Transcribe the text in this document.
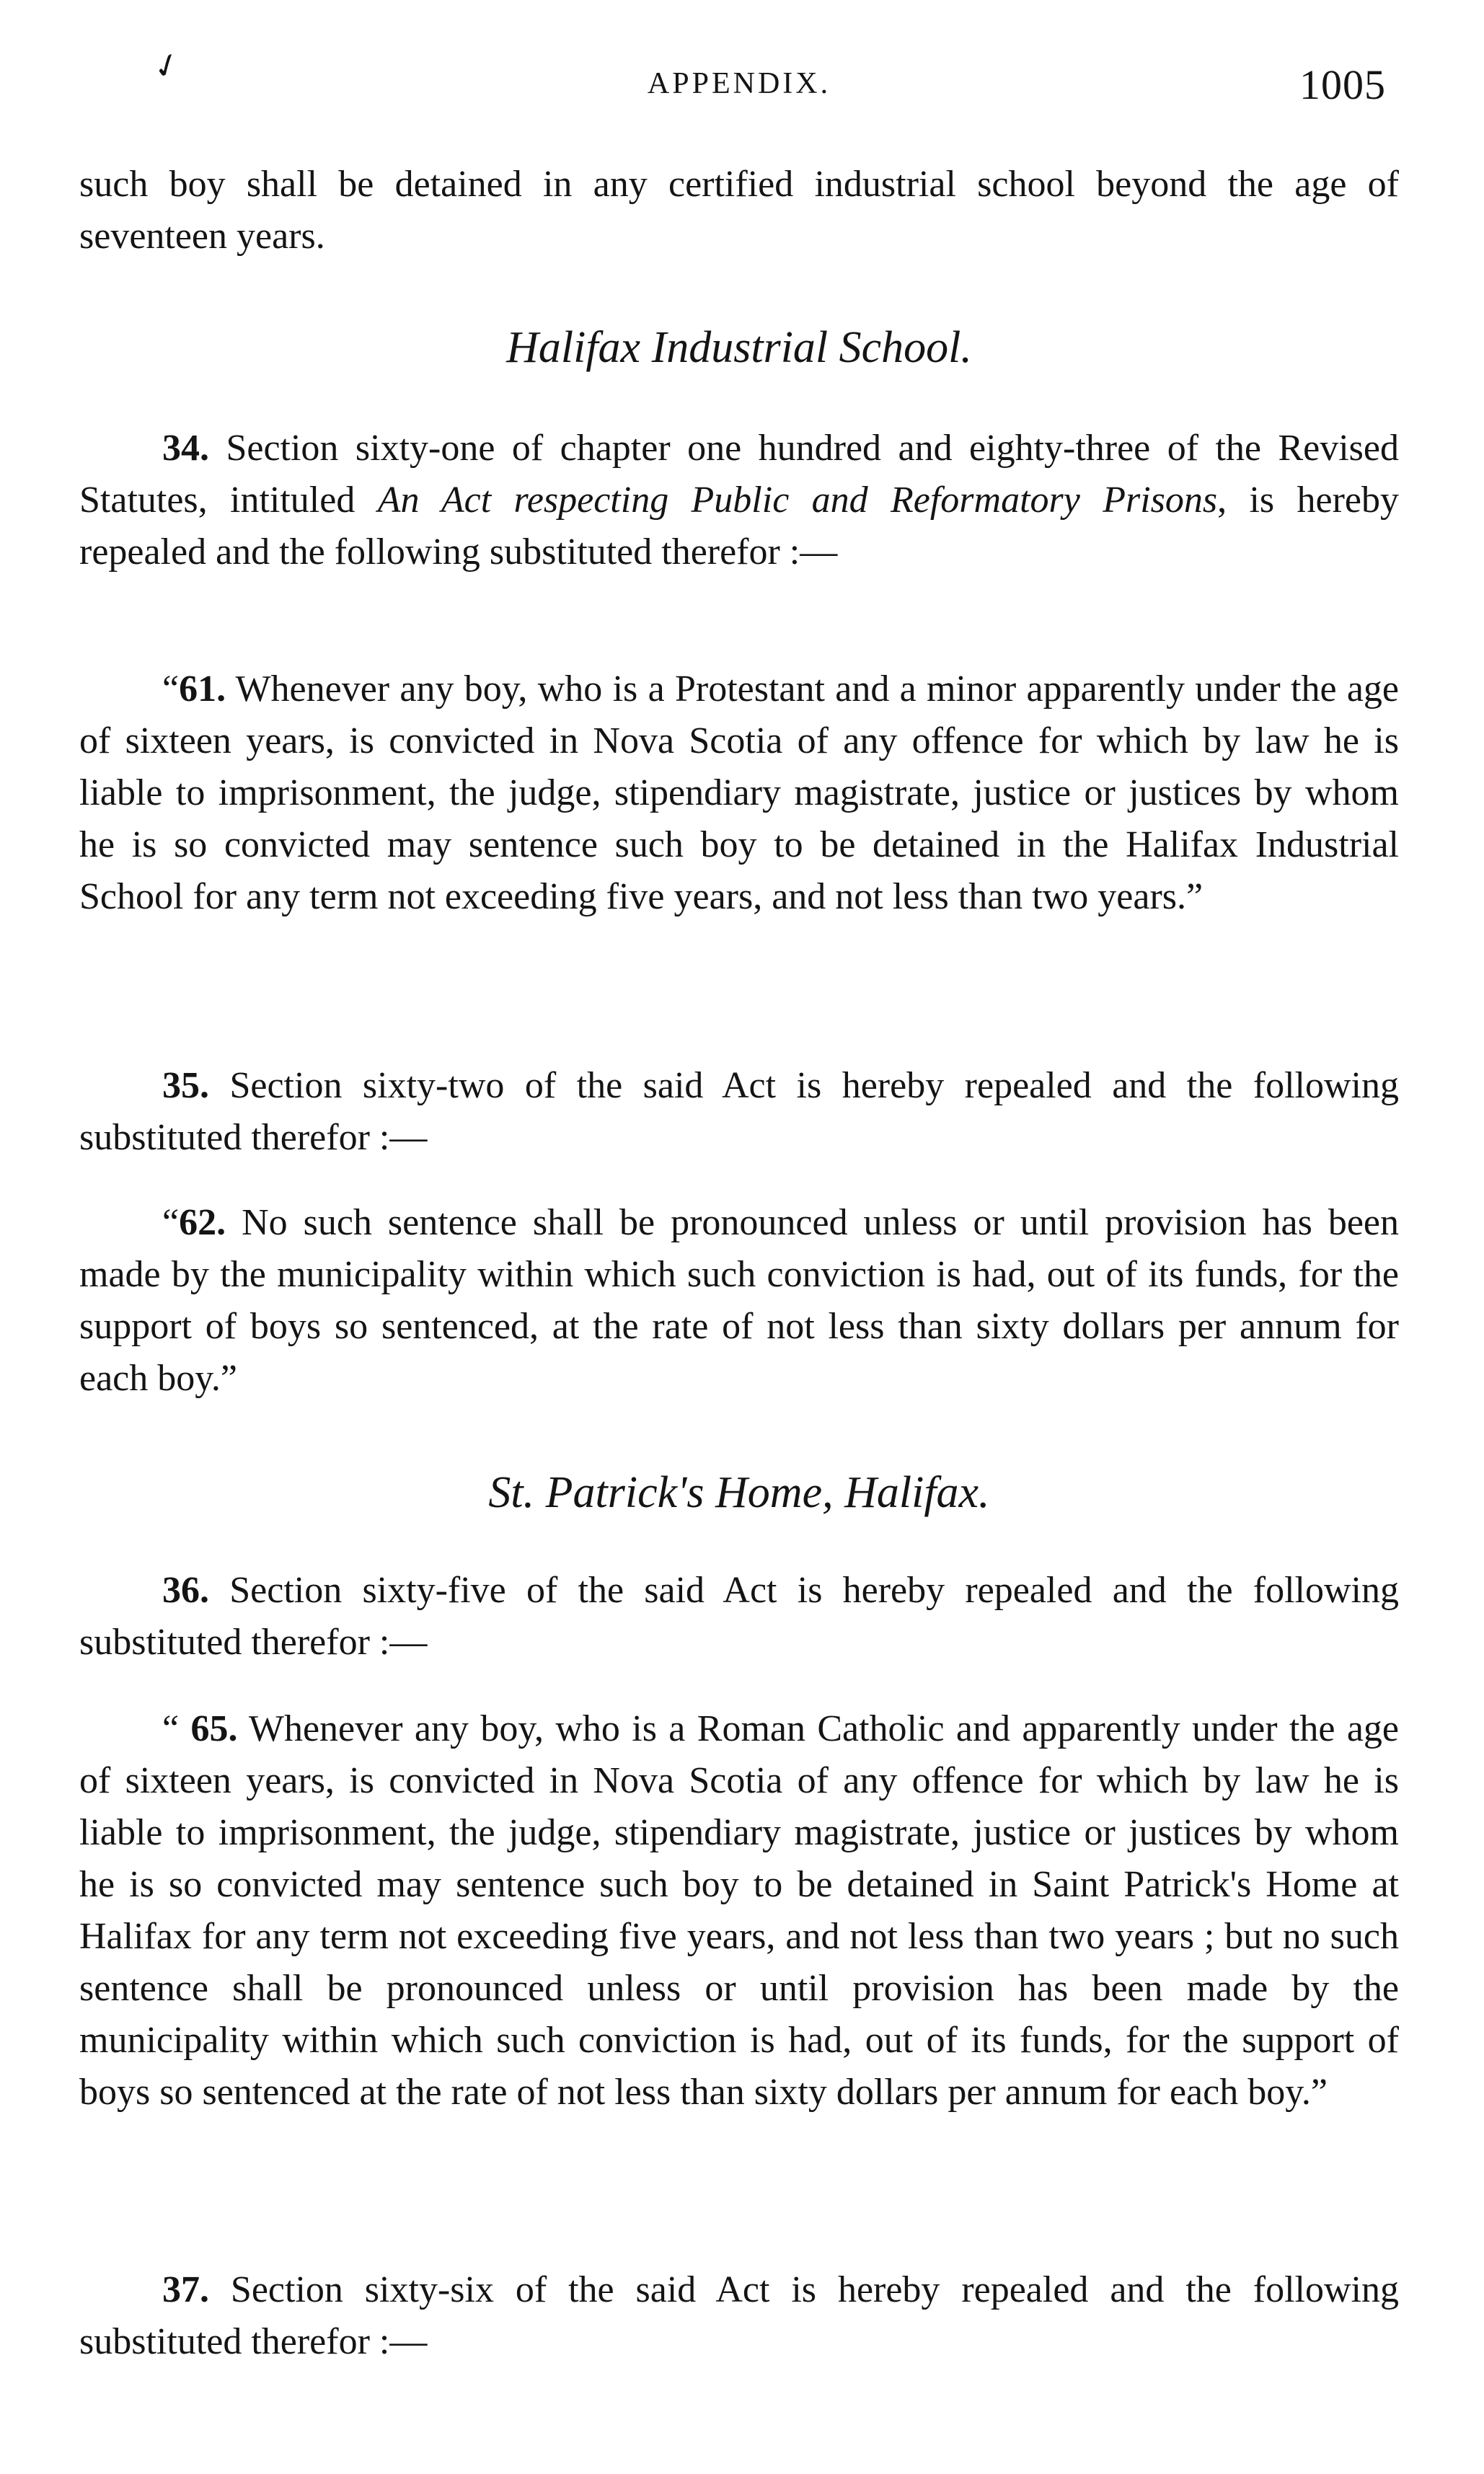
✓	APPENDIX.	1005

such boy shall be detained in any certified industrial school beyond the age of seventeen years.

Halifax Industrial School.

34. Section sixty-one of chapter one hundred and eighty-three of the Revised Statutes, intituled An Act respecting Public and Reformatory Prisons, is hereby repealed and the following substituted therefor :—

“61. Whenever any boy, who is a Protestant and a minor apparently under the age of sixteen years, is convicted in Nova Scotia of any offence for which by law he is liable to imprisonment, the judge, stipendiary magistrate, justice or justices by whom he is so convicted may sentence such boy to be detained in the Halifax Industrial School for any term not exceeding five years, and not less than two years.”

35. Section sixty-two of the said Act is hereby repealed and the following substituted therefor :—

“62. No such sentence shall be pronounced unless or until provision has been made by the municipality within which such conviction is had, out of its funds, for the support of boys so sentenced, at the rate of not less than sixty dollars per annum for each boy.”

St. Patrick's Home, Halifax.

36. Section sixty-five of the said Act is hereby repealed and the following substituted therefor :—

“ 65. Whenever any boy, who is a Roman Catholic and apparently under the age of sixteen years, is convicted in Nova Scotia of any offence for which by law he is liable to imprisonment, the judge, stipendiary magistrate, justice or justices by whom he is so convicted may sentence such boy to be detained in Saint Patrick's Home at Halifax for any term not exceeding five years, and not less than two years ; but no such sentence shall be pronounced unless or until provision has been made by the municipality within which such conviction is had, out of its funds, for the support of boys so sentenced at the rate of not less than sixty dollars per annum for each boy.”

37. Section sixty-six of the said Act is hereby repealed and the following substituted therefor :—
